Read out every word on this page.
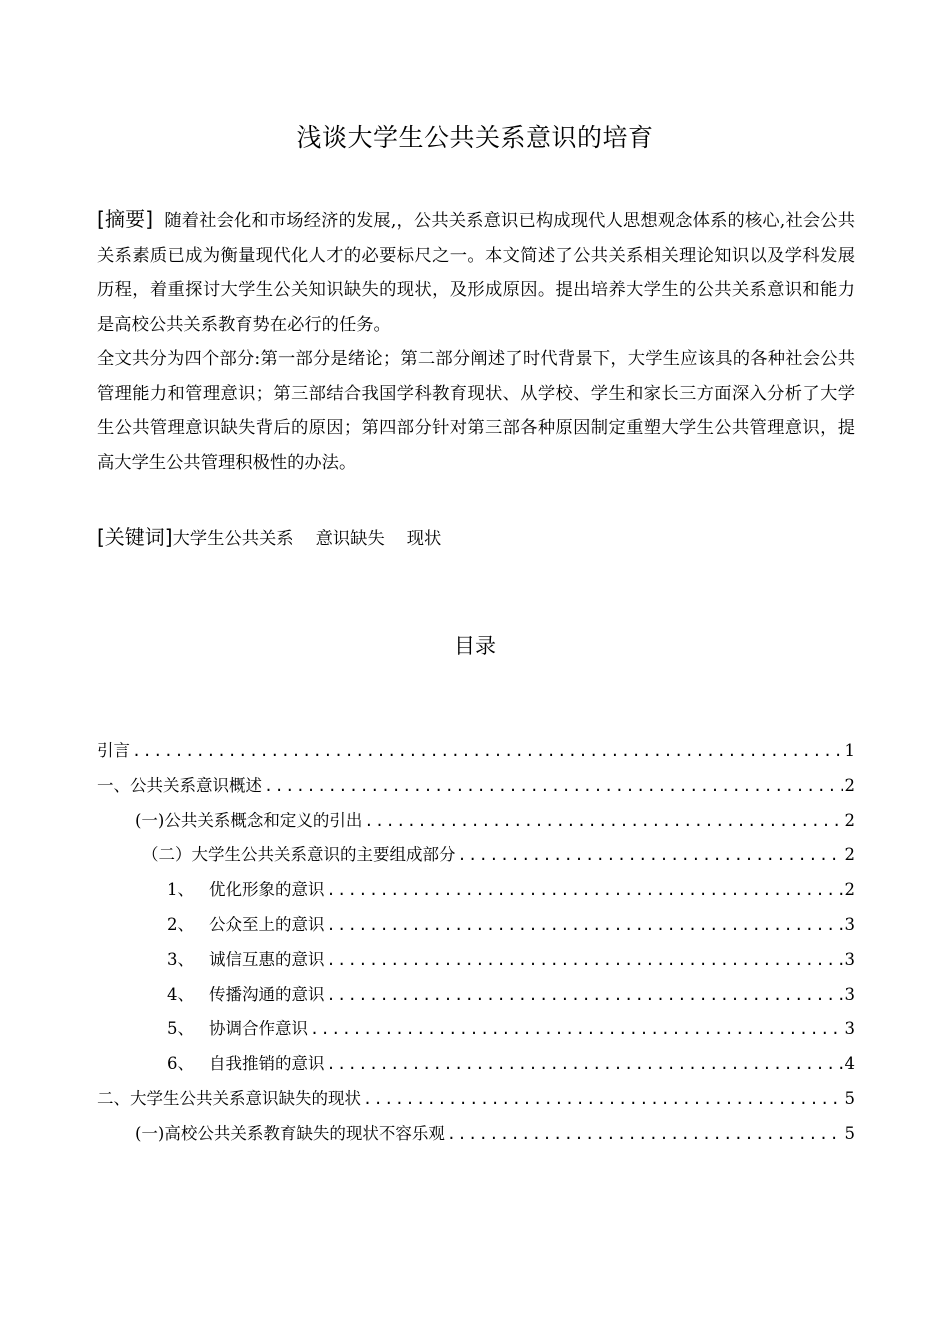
浅谈大学生公共关系意识的培育

[摘要] 随着社会化和市场经济的发展,，公共关系意识已构成现代人思想观念体系的核心,社会公共关系素质已成为衡量现代化人才的必要标尺之一。本文简述了公共关系相关理论知识以及学科发展历程，着重探讨大学生公关知识缺失的现状，及形成原因。提出培养大学生的公共关系意识和能力是高校公共关系教育势在必行的任务。

全文共分为四个部分:第一部分是绪论；第二部分阐述了时代背景下，大学生应该具的各种社会公共管理能力和管理意识；第三部结合我国学科教育现状、从学校、学生和家长三方面深入分析了大学生公共管理意识缺失背后的原因；第四部分针对第三部各种原因制定重塑大学生公共管理意识，提高大学生公共管理积极性的办法。

[关键词]大学生公共关系 意识缺失 现状
目录
引言 .....	1
一、公共关系意识概述 .....	2
(一)公共关系概念和定义的引出 .....	2
（二）大学生公共关系意识的主要组成部分 .....	2
1、 优化形象的意识 .....	2
2、 公众至上的意识 .....	3
3、 诚信互惠的意识 .....	3
4、 传播沟通的意识 .....	3
5、 协调合作意识 .....	3
6、 自我推销的意识 .....	4
二、大学生公共关系意识缺失的现状 .....	5
(一)高校公共关系教育缺失的现状不容乐观 .....	5
